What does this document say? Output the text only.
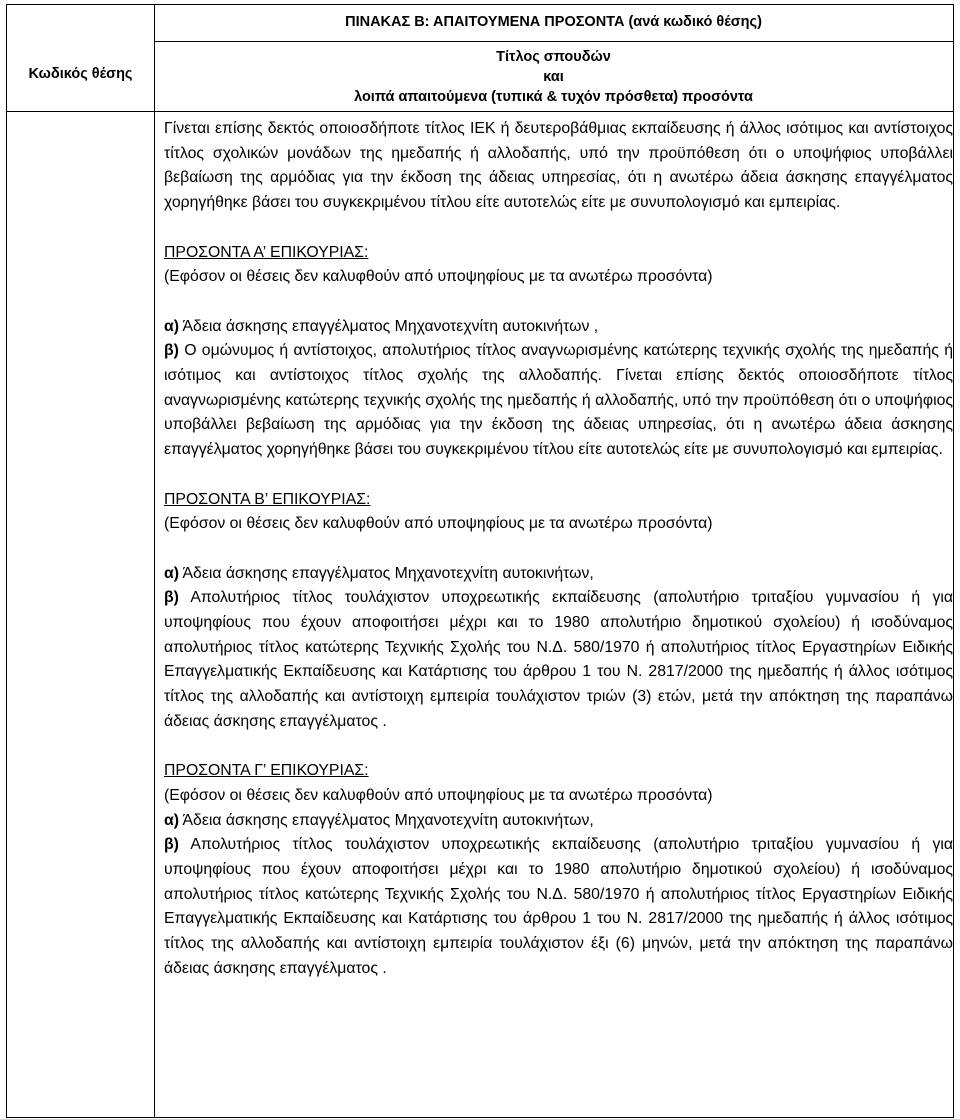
ΠΙΝΑΚΑΣ Β: ΑΠΑΙΤΟΥΜΕΝΑ ΠΡΟΣΟΝΤΑ (ανά κωδικό θέσης)
Κωδικός θέσης
Τίτλος σπουδών
και
λοιπά απαιτούμενα (τυπικά & τυχόν πρόσθετα) προσόντα

Γίνεται επίσης δεκτός οποιοσδήποτε τίτλος ΙΕΚ ή δευτεροβάθμιας εκπαίδευσης ή άλλος ισότιμος και αντίστοιχος τίτλος σχολικών μονάδων της ημεδαπής ή αλλοδαπής, υπό την προϋπόθεση ότι ο υποψήφιος υποβάλλει βεβαίωση της αρμόδιας για την έκδοση της άδειας υπηρεσίας, ότι η ανωτέρω άδεια άσκησης επαγγέλματος χορηγήθηκε βάσει του συγκεκριμένου τίτλου είτε αυτοτελώς είτε με συνυπολογισμό και εμπειρίας.

ΠΡΟΣΟΝΤΑ Α’ ΕΠΙΚΟΥΡΙΑΣ:

(Εφόσον οι θέσεις δεν καλυφθούν από υποψηφίους με τα ανωτέρω προσόντα)

α) Άδεια άσκησης επαγγέλματος Μηχανοτεχνίτη αυτοκινήτων ,

β) Ο ομώνυμος ή αντίστοιχος, απολυτήριος τίτλος αναγνωρισμένης κατώτερης τεχνικής σχολής της ημεδαπής ή ισότιμος και αντίστοιχος τίτλος σχολής της αλλοδαπής. Γίνεται επίσης δεκτός οποιοσδήποτε τίτλος αναγνωρισμένης κατώτερης τεχνικής σχολής της ημεδαπής ή αλλοδαπής, υπό την προϋπόθεση ότι ο υποψήφιος υποβάλλει βεβαίωση της αρμόδιας για την έκδοση της άδειας υπηρεσίας, ότι η ανωτέρω άδεια άσκησης επαγγέλματος χορηγήθηκε βάσει του συγκεκριμένου τίτλου είτε αυτοτελώς είτε με συνυπολογισμό και εμπειρίας.

ΠΡΟΣΟΝΤΑ Β’ ΕΠΙΚΟΥΡΙΑΣ:

(Εφόσον οι θέσεις δεν καλυφθούν από υποψηφίους με τα ανωτέρω προσόντα)

α) Άδεια άσκησης επαγγέλματος Μηχανοτεχνίτη αυτοκινήτων,

β) Απολυτήριος τίτλος τουλάχιστον υποχρεωτικής εκπαίδευσης (απολυτήριο τριταξίου γυμνασίου ή για υποψηφίους που έχουν αποφοιτήσει μέχρι και το 1980 απολυτήριο δημοτικού σχολείου) ή ισοδύναμος απολυτήριος τίτλος κατώτερης Τεχνικής Σχολής του Ν.Δ. 580/1970 ή απολυτήριος τίτλος Εργαστηρίων Ειδικής Επαγγελματικής Εκπαίδευσης και Κατάρτισης του άρθρου 1 του Ν. 2817/2000 της ημεδαπής ή άλλος ισότιμος τίτλος της αλλοδαπής και αντίστοιχη εμπειρία τουλάχιστον τριών (3) ετών, μετά την απόκτηση της παραπάνω άδειας άσκησης επαγγέλματος .

ΠΡΟΣΟΝΤΑ Γ’ ΕΠΙΚΟΥΡΙΑΣ:

(Εφόσον οι θέσεις δεν καλυφθούν από υποψηφίους με τα ανωτέρω προσόντα)

α) Άδεια άσκησης επαγγέλματος Μηχανοτεχνίτη αυτοκινήτων,

β) Απολυτήριος τίτλος τουλάχιστον υποχρεωτικής εκπαίδευσης (απολυτήριο τριταξίου γυμνασίου ή για υποψηφίους που έχουν αποφοιτήσει μέχρι και το 1980 απολυτήριο δημοτικού σχολείου) ή ισοδύναμος απολυτήριος τίτλος κατώτερης Τεχνικής Σχολής του Ν.Δ. 580/1970 ή απολυτήριος τίτλος Εργαστηρίων Ειδικής Επαγγελματικής Εκπαίδευσης και Κατάρτισης του άρθρου 1 του Ν. 2817/2000 της ημεδαπής ή άλλος ισότιμος τίτλος της αλλοδαπής και αντίστοιχη εμπειρία τουλάχιστον έξι (6) μηνών, μετά την απόκτηση της παραπάνω άδειας άσκησης επαγγέλματος .
